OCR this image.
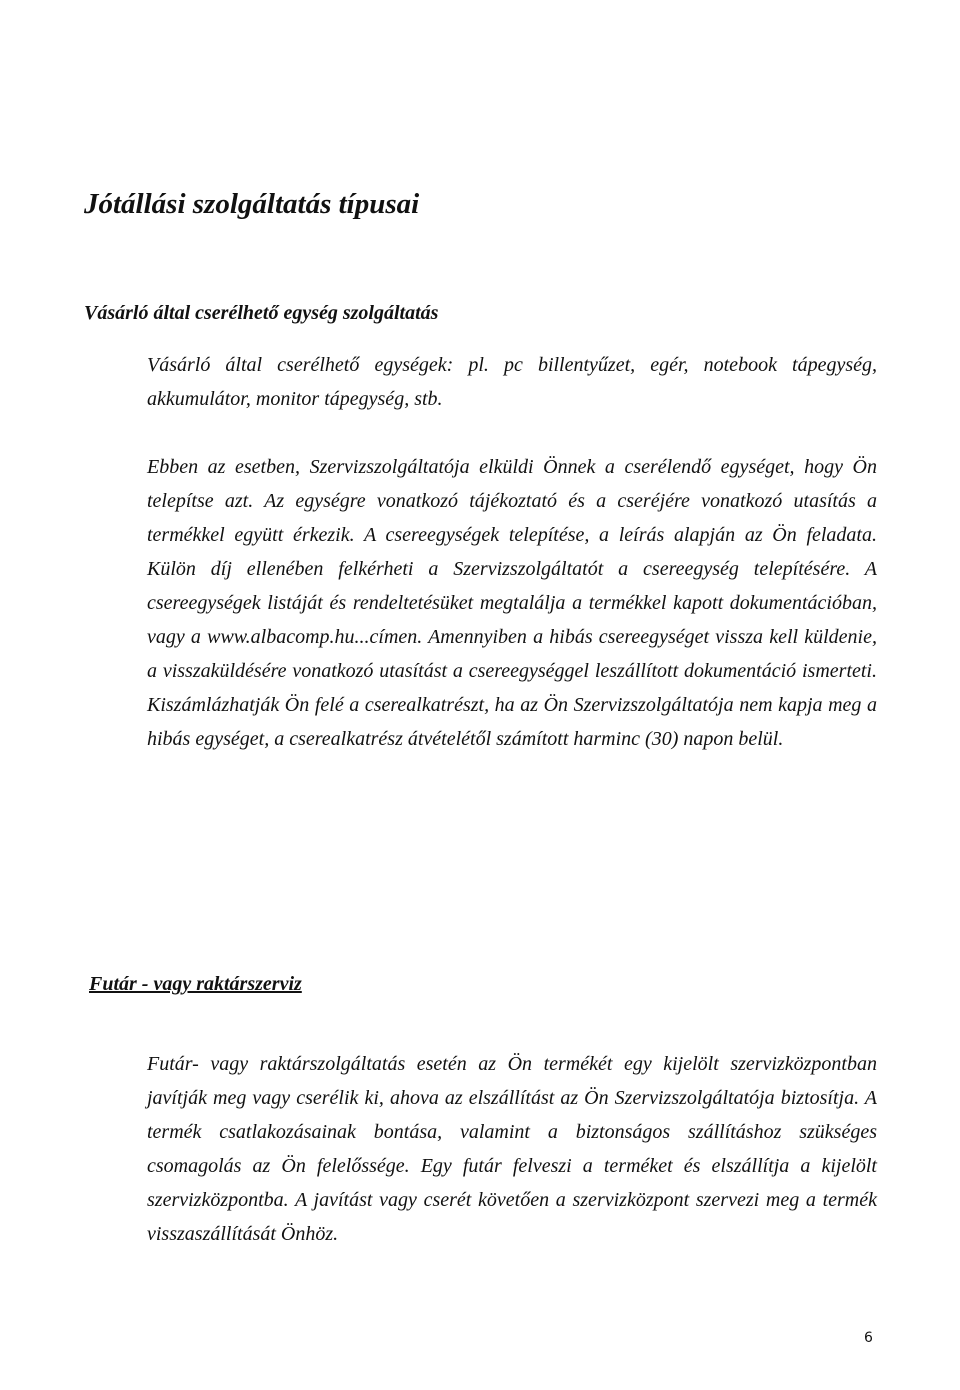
Jótállási szolgáltatás típusai
Vásárló által cserélhető egység szolgáltatás

Vásárló által cserélhető egységek: pl. pc billentyűzet, egér, notebook tápegység, akkumulátor, monitor tápegység, stb.

Ebben az esetben, Szervizszolgáltatója elküldi Önnek a cserélendő egységet, hogy Ön telepítse azt. Az egységre vonatkozó tájékoztató és a cseréjére vonatkozó utasítás a termékkel együtt érkezik. A csereegységek telepítése, a leírás alapján az Ön feladata. Külön díj ellenében felkérheti a Szervizszolgáltatót a csereegység telepítésére. A csereegységek listáját és rendeltetésüket megtalálja a termékkel kapott dokumentációban, vagy a www.albacomp.hu...címen. Amennyiben a hibás csereegységet vissza kell küldenie, a visszaküldésére vonatkozó utasítást a csereegységgel leszállított dokumentáció ismerteti. Kiszámlázhatják Ön felé a cserealkatrészt, ha az Ön Szervizszolgáltatója nem kapja meg a hibás egységet, a cserealkatrész átvételétől számított harminc (30) napon belül.

Futár - vagy raktárszerviz

Futár- vagy raktárszolgáltatás esetén az Ön termékét egy kijelölt szervizközpontban javítják meg vagy cserélik ki, ahova az elszállítást az Ön Szervizszolgáltatója biztosítja. A termék csatlakozásainak bontása, valamint a biztonságos szállításhoz szükséges csomagolás az Ön felelőssége. Egy futár felveszi a terméket és elszállítja a kijelölt szervizközpontba. A javítást vagy cserét követően a szervizközpont szervezi meg a termék visszaszállítását Önhöz.

6
